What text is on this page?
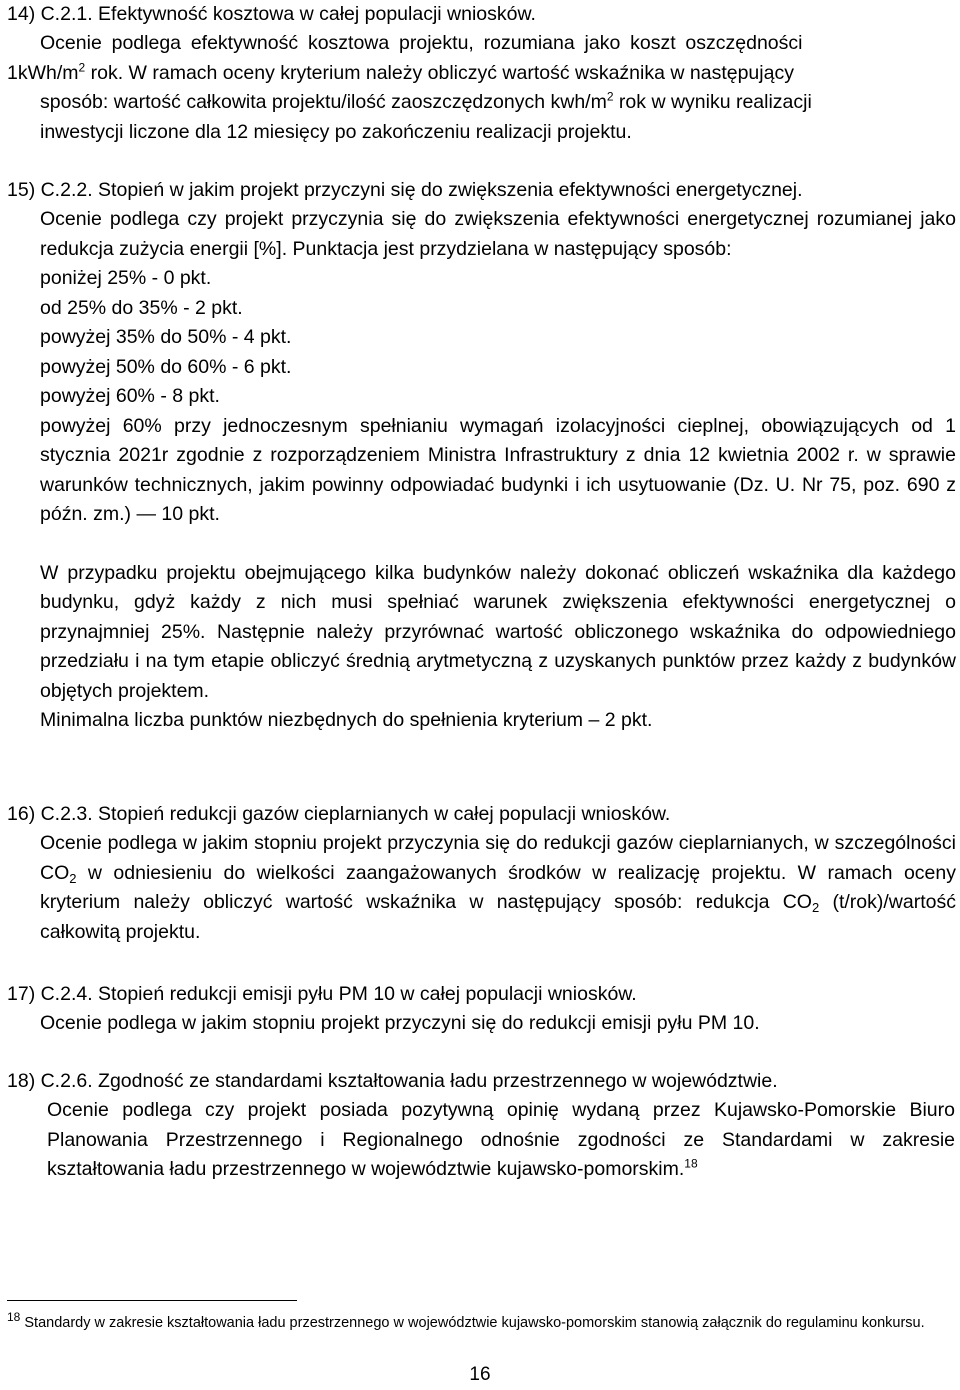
14) C.2.1. Efektywność kosztowa w całej populacji wniosków.
Ocenie podlega efektywność kosztowa projektu, rozumiana jako koszt oszczędności
$1kWh/m^2$ rok. W ramach oceny kryterium należy obliczyć wartość wskaźnika w następujący
sposób: wartość całkowita projektu/ilość zaoszczędzonych kwh/$m^2$ rok w wyniku realizacji
inwestycji liczone dla 12 miesięcy po zakończeniu realizacji projektu.
15) C.2.2. Stopień w jakim projekt przyczyni się do zwiększenia efektywności energetycznej.

Ocenie podlega czy projekt przyczynia się do zwiększenia efektywności energetycznej rozumianej jako redukcja zużycia energii [%]. Punktacja jest przydzielana w następujący sposób:

poniżej 25% - 0 pkt.
od 25% do 35% - 2 pkt.
powyżej 35% do 50% - 4 pkt.
powyżej 50% do 60% - 6 pkt.
powyżej 60% - 8 pkt.

powyżej 60% przy jednoczesnym spełnianiu wymagań izolacyjności cieplnej, obowiązujących od 1 stycznia 2021r zgodnie z rozporządzeniem Ministra Infrastruktury z dnia 12 kwietnia 2002 r. w sprawie warunków technicznych, jakim powinny odpowiadać budynki i ich usytuowanie (Dz. U. Nr 75, poz. 690 z późn. zm.) — 10 pkt.

W przypadku projektu obejmującego kilka budynków należy dokonać obliczeń wskaźnika dla każdego budynku, gdyż każdy z nich musi spełniać warunek zwiększenia efektywności energetycznej o przynajmniej 25%. Następnie należy przyrównać wartość obliczonego wskaźnika do odpowiedniego przedziału i na tym etapie obliczyć średnią arytmetyczną z uzyskanych punktów przez każdy z budynków objętych projektem.

Minimalna liczba punktów niezbędnych do spełnienia kryterium – 2 pkt.
16) C.2.3. Stopień redukcji gazów cieplarnianych w całej populacji wniosków.

Ocenie podlega w jakim stopniu projekt przyczynia się do redukcji gazów cieplarnianych, w szczególności $CO_2$ w odniesieniu do wielkości zaangażowanych środków w realizację projektu. W ramach oceny kryterium należy obliczyć wartość wskaźnika w następujący sposób: redukcja $CO_2$ (t/rok)/wartość całkowitą projektu.

17) C.2.4. Stopień redukcji emisji pyłu PM 10 w całej populacji wniosków.

Ocenie podlega w jakim stopniu projekt przyczyni się do redukcji emisji pyłu PM 10.

18) C.2.6. Zgodność ze standardami kształtowania ładu przestrzennego w województwie.

Ocenie podlega czy projekt posiada pozytywną opinię wydaną przez Kujawsko-Pomorskie Biuro Planowania Przestrzennego i Regionalnego odnośnie zgodności ze Standardami w zakresie kształtowania ładu przestrzennego w województwie kujawsko-pomorskim.$^{18}$

$^{18}$ Standardy w zakresie kształtowania ładu przestrzennego w województwie kujawsko-pomorskim stanowią załącznik do regulaminu konkursu.
16
